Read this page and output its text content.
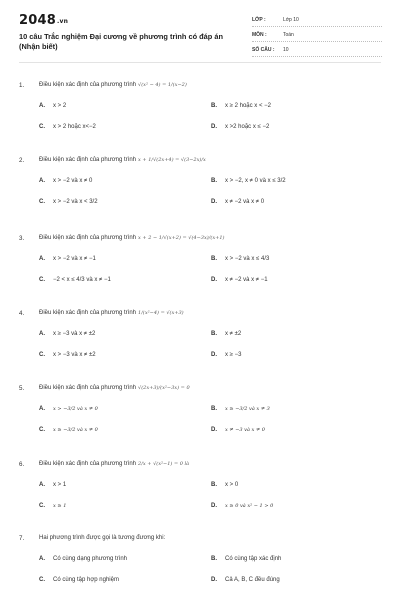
2048.vn
10 câu Trắc nghiệm Đại cương về phương trình có đáp án (Nhận biết)
LỚP :	Lớp 10
MÔN :	Toán
SỐ CÂU :	10
1.	Điều kiện xác định của phương trình √(x² − 4) = 1/(x−2)
A.	x > 2	B.	x ≥ 2 hoặc x < −2
C.	x > 2 hoặc x<−2	D.	x >2 hoặc x ≤ −2
2.	Điều kiện xác định của phương trình x + 1/√(2x+4) = √(3−2x)/x
A.	x > −2 và x ≠ 0	B.	x > −2, x ≠ 0 và x ≤ 3/2
C.	x > −2 và x < 3/2	D.	x ≠ −2 và x ≠ 0
3.	Điều kiện xác định của phương trình x + 2 − 1/√(x+2) = √(4−3x)/(x+1)
A.	x > −2 và x ≠ −1	B.	x > −2 và x ≤ 4/3
C.	−2 < x ≤ 4/3 và x ≠ −1	D.	x ≠ −2 và x ≠ −1
4.	Điều kiện xác định của phương trình 1/(x²−4) = √(x+3)
A.	x ≥ −3 và x ≠ ±2	B.	x ≠ ±2
C.	x > −3 và x ≠ ±2	D.	x ≥ −3
5.	Điều kiện xác định của phương trình √(2x+3)/(x²−3x) = 0
A.	x > −3/2 và x ≠ 0	B.	x ≥ −3/2 và x ≠ 3
C.	x ≥ −3/2 và x ≠ 0	D.	x ≠ −3 và x ≠ 0
6.	Điều kiện xác định của phương trình 2/x + √(x²−1) = 0 là
A.	x > 1	B.	x > 0
C.	x ≥ 1	D.	x ≥ 0 và x² − 1 > 0
7.	Hai phương trình được gọi là tương đương khi:
A.	Có cùng dạng phương trình	B.	Có cùng tập xác định
C.	Có cùng tập hợp nghiệm	D.	Cả A, B, C đều đúng
